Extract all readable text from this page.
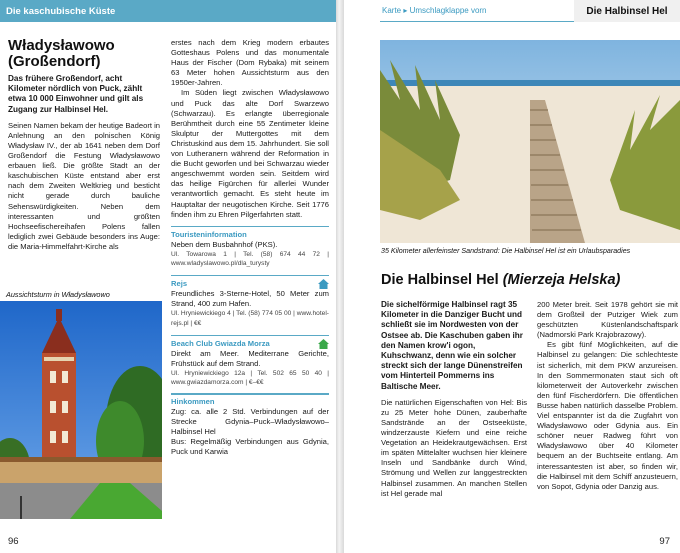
Die kaschubische Küste
Władysławowo (Großendorf)
Das frühere Großendorf, acht Kilometer nördlich von Puck, zählt etwa 10 000 Einwohner und gilt als Zugang zur Halbinsel Hel.
Seinen Namen bekam der heutige Badeort in Anlehnung an den polnischen König Władysław IV., der ab 1641 neben dem Dorf Großendorf die Festung Władysławowo erbauen ließ. Die größte Stadt an der kaschubischen Küste entstand aber erst nach dem Zweiten Weltkrieg und besticht nicht gerade durch bauliche Sehenswürdigkeiten. Neben dem interessanten und größten Hochseefischereihafen Polens fallen lediglich zwei Gebäude besonders ins Auge: die Maria-Himmelfahrt-Kirche als
Aussichtsturm in Władysławowo
erstes nach dem Krieg modern erbautes Gotteshaus Polens und das monumentale Haus der Fischer (Dom Rybaka) mit seinem 63 Meter hohen Aussichtsturm aus den 1950er-Jahren.
Im Süden liegt zwischen Władysławowo und Puck das alte Dorf Swarzewo (Schwarzau). Es erlangte überregionale Berühmtheit durch eine 55 Zentimeter kleine Skulptur der Muttergottes mit dem Christuskind aus dem 15. Jahrhundert. Sie soll von Lutheranern während der Reformation in die Bucht geworfen und bei Schwarzau wieder angeschwemmt worden sein. Seitdem wird das heilige Figürchen für allerlei Wunder verantwortlich gemacht. Es steht heute im Hauptaltar der neugotischen Kirche. Seit 1776 finden ihm zu Ehren Pilgerfahrten statt.
Touristeninformation
Neben dem Busbahnhof (PKS).
Ul. Towarowa 1 | Tel. (58) 674 44 72 | www.wladyslawowo.pl/dla_turysty
Rejs
Freundliches 3-Sterne-Hotel, 50 Meter zum Strand, 400 zum Hafen.
Ul. Hryniewickiego 4 | Tel. (58) 774 05 00 | www.hotel-rejs.pl | €€
Beach Club Gwiazda Morza
Direkt am Meer. Mediterrane Gerichte, Frühstück auf dem Strand.
Ul. Hryniewickiego 12a | Tel. 502 65 50 40 | www.gwiazdamorza.com | €–€€
Hinkommen
Zug: ca. alle 2 Std. Verbindungen auf der Strecke Gdynia–Puck–Władysławowo–Halbinsel Hel
Bus: Regelmäßig Verbindungen aus Gdynia, Puck und Karwia
96
Karte ▸ Umschlagklappe vorn	Die Halbinsel Hel
35 Kilometer allerfeinster Sandstrand: Die Halbinsel Hel ist ein Urlaubsparadies
Die Halbinsel Hel (Mierzeja Helska)
Die sichelförmige Halbinsel ragt 35 Kilometer in die Danziger Bucht und schließt sie im Nordwesten von der Ostsee ab. Die Kaschuben gaben ihr den Namen krow'i ogon, Kuhschwanz, denn wie ein solcher streckt sich der lange Dünenstreifen vom Hinterteil Pommerns ins Baltische Meer.
Die natürlichen Eigenschaften von Hel: Bis zu 25 Meter hohe Dünen, zauberhafte Sandstrände an der Ostseeküste, windzerzauste Kiefern und eine reiche Vegetation an Heidekrautgewächsen. Erst im späten Mittelalter wuchsen hier kleinere Inseln und Sandbänke durch Wind, Strömung und Wellen zur langgestreckten Halbinsel zusammen. An manchen Stellen ist Hel gerade mal
200 Meter breit. Seit 1978 gehört sie mit dem Großteil der Putziger Wiek zum geschützten Küstenlandschaftspark (Nadmorski Park Krajobrazowy).
Es gibt fünf Möglichkeiten, auf die Halbinsel zu gelangen: Die schlechteste ist sicherlich, mit dem PKW anzureisen. In den Sommermonaten staut sich oft kilometerweit der Autoverkehr zwischen den fünf Fischerdörfern. Die öffentlichen Busse haben natürlich dasselbe Problem. Viel entspannter ist da die Zugfahrt von Władysławowo oder Gdynia aus. Ein schöner neuer Radweg führt von Władysławowo über 40 Kilometer bequem an der Buchtseite entlang. Am interessantesten ist aber, so finden wir, die Halbinsel mit dem Schiff anzusteuern, von Sopot, Gdynia oder Danzig aus.
97
